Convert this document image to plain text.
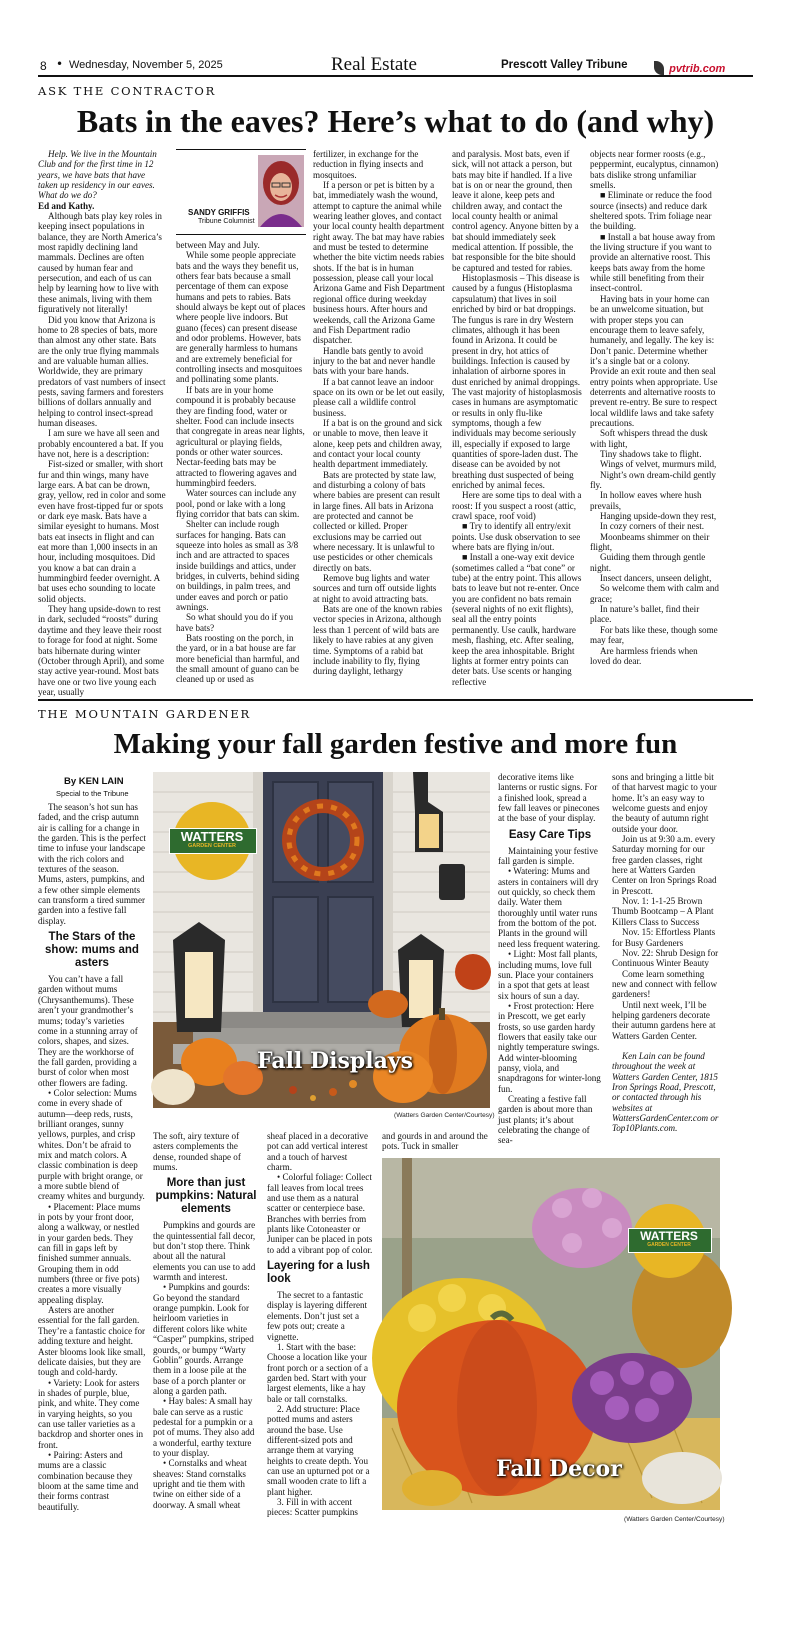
8 • Wednesday, November 5, 2025	Real Estate	Prescott Valley Tribune	pvtrib.com
ASK THE CONTRACTOR
Bats in the eaves? Here’s what to do (and why)

Help. We live in the Mountain Club and for the first time in 12 years, we have bats that have taken up residency in our eaves. What do we do?

Ed and Kathy.

Although bats play key roles in keeping insect populations in balance, they are North America’s most rapidly declining land mammals. Declines are often caused by human fear and persecution, and each of us can help by learning how to live with these animals, living with them figuratively not literally!

Did you know that Arizona is home to 28 species of bats, more than almost any other state. Bats are the only true flying mammals and are valuable human allies. Worldwide, they are primary predators of vast numbers of insect pests, saving farmers and foresters billions of dollars annually and helping to control insect-spread human diseases.

I am sure we have all seen and probably encountered a bat. If you have not, here is a description:

Fist-sized or smaller, with short fur and thin wings, many have large ears. A bat can be drown, gray, yellow, red in color and some even have frost-tipped fur or spots or dark eye mask. Bats have a similar eyesight to humans. Most bats eat insects in flight and can eat more than 1,000 insects in an hour, including mosquitoes. Did you know a bat can drain a hummingbird feeder overnight. A bat uses echo sounding to locate solid objects.

They hang upside-down to rest in dark, secluded “roosts” during daytime and they leave their roost to forage for food at night. Some bats hibernate during winter (October through April), and some stay active year-round. Most bats have one or two live young each year, usually

SANDY GRIFFIS
Tribune Columnist

between May and July.

While some people appreciate bats and the ways they benefit us, others fear bats because a small percentage of them can expose humans and pets to rabies. Bats should always be kept out of places where people live indoors. But guano (feces) can present disease and odor problems. However, bats are generally harmless to humans and are extremely beneficial for controlling insects and mosquitoes and pollinating some plants.

If bats are in your home compound it is probably because they are finding food, water or shelter. Food can include insects that congregate in areas near lights, agricultural or playing fields, ponds or other water sources. Nectar-feeding bats may be attracted to flowering agaves and hummingbird feeders.

Water sources can include any pool, pond or lake with a long flying corridor that bats can skim.

Shelter can include rough surfaces for hanging. Bats can squeeze into holes as small as 3/8 inch and are attracted to spaces inside buildings and attics, under bridges, in culverts, behind siding on buildings, in palm trees, and under eaves and porch or patio awnings.

So what should you do if you have bats?

Bats roosting on the porch, in the yard, or in a bat house are far more beneficial than harmful, and the small amount of guano can be cleaned up or used as

fertilizer, in exchange for the reduction in flying insects and mosquitoes.

If a person or pet is bitten by a bat, immediately wash the wound, attempt to capture the animal while wearing leather gloves, and contact your local county health department right away. The bat may have rabies and must be tested to determine whether the bite victim needs rabies shots. If the bat is in human possession, please call your local Arizona Game and Fish Department regional office during weekday business hours. After hours and weekends, call the Arizona Game and Fish Department radio dispatcher.

Handle bats gently to avoid injury to the bat and never handle bats with your bare hands.

If a bat cannot leave an indoor space on its own or be let out easily, please call a wildlife control business.

If a bat is on the ground and sick or unable to move, then leave it alone, keep pets and children away, and contact your local county health department immediately.

Bats are protected by state law, and disturbing a colony of bats where babies are present can result in large fines. All bats in Arizona are protected and cannot be collected or killed. Proper exclusions may be carried out where necessary. It is unlawful to use pesticides or other chemicals directly on bats.

Remove bug lights and water sources and turn off outside lights at night to avoid attracting bats.

Bats are one of the known rabies vector species in Arizona, although less than 1 percent of wild bats are likely to have rabies at any given time. Symptoms of a rabid bat include inability to fly, flying during daylight, lethargy

and paralysis. Most bats, even if sick, will not attack a person, but bats may bite if handled. If a live bat is on or near the ground, then leave it alone, keep pets and children away, and contact the local county health or animal control agency. Anyone bitten by a bat should immediately seek medical attention. If possible, the bat responsible for the bite should be captured and tested for rabies.

Histoplasmosis – This disease is caused by a fungus (Histoplasma capsulatum) that lives in soil enriched by bird or bat droppings. The fungus is rare in dry Western climates, although it has been found in Arizona. It could be present in dry, hot attics of buildings. Infection is caused by inhalation of airborne spores in dust enriched by animal droppings. The vast majority of histoplasmosis cases in humans are asymptomatic or results in only flu-like symptoms, though a few individuals may become seriously ill, especially if exposed to large quantities of spore-laden dust. The disease can be avoided by not breathing dust suspected of being enriched by animal feces.

Here are some tips to deal with a roost: If you suspect a roost (attic, crawl space, roof void)

■ Try to identify all entry/exit points. Use dusk observation to see where bats are flying in/out.

■ Install a one-way exit device (sometimes called a “bat cone” or tube) at the entry point. This allows bats to leave but not re-enter. Once you are confident no bats remain (several nights of no exit flights), seal all the entry points permanently. Use caulk, hardware mesh, flashing, etc. After sealing, keep the area inhospitable. Bright lights at former entry points can deter bats. Use scents or hanging reflective

objects near former roosts (e.g., peppermint, eucalyptus, cinnamon) bats dislike strong unfamiliar smells.

■ Eliminate or reduce the food source (insects) and reduce dark sheltered spots. Trim foliage near the building.

■ Install a bat house away from the living structure if you want to provide an alternative roost. This keeps bats away from the home while still benefiting from their insect-control.

Having bats in your home can be an unwelcome situation, but with proper steps you can encourage them to leave safely, humanely, and legally. The key is: Don’t panic. Determine whether it’s a single bat or a colony. Provide an exit route and then seal entry points when appropriate. Use deterrents and alternative roosts to prevent re-entry. Be sure to respect local wildlife laws and take safety precautions.

Soft whispers thread the dusk with light,

Tiny shadows take to flight.

Wings of velvet, murmurs mild,

Night’s own dream-child gently fly.

In hollow eaves where hush prevails,

Hanging upside-down they rest,

In cozy corners of their nest.

Moonbeams shimmer on their flight,

Guiding them through gentle night.

Insect dancers, unseen delight,

So welcome them with calm and grace;

In nature’s ballet, find their place.

For bats like these, though some may fear,

Are harmless friends when loved do dear.

THE MOUNTAIN GARDENER
Making your fall garden festive and more fun
By KEN LAIN
Special to the Tribune

The season’s hot sun has faded, and the crisp autumn air is calling for a change in the garden. This is the perfect time to infuse your landscape with the rich colors and textures of the season. Mums, asters, pumpkins, and a few other simple elements can transform a tired summer garden into a festive fall display.

The Stars of the show: mums and asters

You can’t have a fall garden without mums (Chrysanthemums). These aren’t your grandmother’s mums; today’s varieties come in a stunning array of colors, shapes, and sizes. They are the workhorse of the fall garden, providing a burst of color when most other flowers are fading.

• Color selection: Mums come in every shade of autumn—deep reds, rusts, brilliant oranges, sunny yellows, purples, and crisp whites. Don’t be afraid to mix and match colors. A classic combination is deep purple with bright orange, or a more subtle blend of creamy whites and burgundy.

• Placement: Place mums in pots by your front door, along a walkway, or nestled in your garden beds. They can fill in gaps left by finished summer annuals. Grouping them in odd numbers (three or five pots) creates a more visually appealing display.

Asters are another essential for the fall garden. They’re a fantastic choice for adding texture and height. Aster blooms look like small, delicate daisies, but they are tough and cold-hardy.

• Variety: Look for asters in shades of purple, blue, pink, and white. They come in varying heights, so you can use taller varieties as a backdrop and shorter ones in front.

• Pairing: Asters and mums are a classic combination because they bloom at the same time and their forms contrast beautifully.

WATTERS
GARDEN CENTER
Fall Displays
(Watters Garden Center/Courtesy)

The soft, airy texture of asters complements the dense, rounded shape of mums.

More than just pumpkins: Natural elements

Pumpkins and gourds are the quintessential fall decor, but don’t stop there. Think about all the natural elements you can use to add warmth and interest.

• Pumpkins and gourds: Go beyond the standard orange pumpkin. Look for heirloom varieties in different colors like white “Casper” pumpkins, striped gourds, or bumpy “Warty Goblin” gourds. Arrange them in a loose pile at the base of a porch planter or along a garden path.

• Hay bales: A small hay bale can serve as a rustic pedestal for a pumpkin or a pot of mums. They also add a wonderful, earthy texture to your display.

• Cornstalks and wheat sheaves: Stand cornstalks upright and tie them with twine on either side of a doorway. A small wheat

sheaf placed in a decorative pot can add vertical interest and a touch of harvest charm.

• Colorful foliage: Collect fall leaves from local trees and use them as a natural scatter or centerpiece base. Branches with berries from plants like Cotoneaster or Juniper can be placed in pots to add a vibrant pop of color.

Layering for a lush look

The secret to a fantastic display is layering different elements. Don’t just set a few pots out; create a vignette.

1. Start with the base: Choose a location like your front porch or a section of a garden bed. Start with your largest elements, like a hay bale or tall cornstalks.

2. Add structure: Place potted mums and asters around the base. Use different-sized pots and arrange them at varying heights to create depth. You can use an upturned pot or a small wooden crate to lift a plant higher.

3. Fill in with accent pieces: Scatter pumpkins

and gourds in and around the pots. Tuck in smaller

decorative items like lanterns or rustic signs. For a finished look, spread a few fall leaves or pinecones at the base of your display.

Easy Care Tips

Maintaining your festive fall garden is simple.

• Watering: Mums and asters in containers will dry out quickly, so check them daily. Water them thoroughly until water runs from the bottom of the pot. Plants in the ground will need less frequent watering.

• Light: Most fall plants, including mums, love full sun. Place your containers in a spot that gets at least six hours of sun a day.

• Frost protection: Here in Prescott, we get early frosts, so use garden hardy flowers that easily take our nightly temperature swings. Add winter-blooming pansy, viola, and snapdragons for winter-long fun.

Creating a festive fall garden is about more than just plants; it’s about celebrating the change of sea-

sons and bringing a little bit of that harvest magic to your home. It’s an easy way to welcome guests and enjoy the beauty of autumn right outside your door.

Join us at 9:30 a.m. every Saturday morning for our free garden classes, right here at Watters Garden Center on Iron Springs Road in Prescott.

Nov. 1: 1-1-25 Brown Thumb Bootcamp – A Plant Killers Class to Success

Nov. 15: Effortless Plants for Busy Gardeners

Nov. 22: Shrub Design for Continuous Winter Beauty

Come learn something new and connect with fellow gardeners!

Until next week, I’ll be helping gardeners decorate their autumn gardens here at Watters Garden Center.

Ken Lain can be found throughout the week at Watters Garden Center, 1815 Iron Springs Road, Prescott, or contacted through his websites at WattersGardenCenter.com or Top10Plants.com.

WATTERS
GARDEN CENTER
Fall Decor
(Watters Garden Center/Courtesy)
